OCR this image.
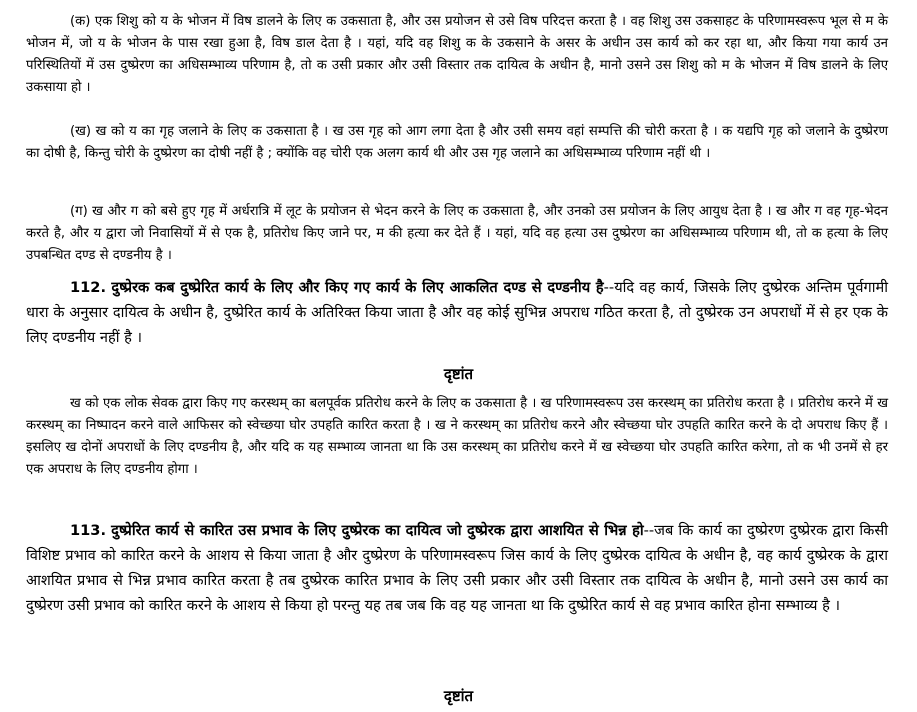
(क) एक शिशु को य के भोजन में विष डालने के लिए क उकसाता है, और उस प्रयोजन से उसे विष परिदत्त करता है । वह शिशु उस उकसाहट के परिणामस्वरूप भूल से म के भोजन में, जो य के भोजन के पास रखा हुआ है, विष डाल देता है । यहां, यदि वह शिशु क के उकसाने के असर के अधीन उस कार्य को कर रहा था, और किया गया कार्य उन परिस्थितियों में उस दुष्प्रेरण का अधिसम्भाव्य परिणाम है, तो क उसी प्रकार और उसी विस्तार तक दायित्व के अधीन है, मानो उसने उस शिशु को म के भोजन में विष डालने के लिए उकसाया हो ।

(ख) ख को य का गृह जलाने के लिए क उकसाता है । ख उस गृह को आग लगा देता है और उसी समय वहां सम्पत्ति की चोरी करता है । क यद्यपि गृह को जलाने के दुष्प्रेरण का दोषी है, किन्तु चोरी के दुष्प्रेरण का दोषी नहीं है ; क्योंकि वह चोरी एक अलग कार्य थी और उस गृह जलाने का अधिसम्भाव्य परिणाम नहीं थी ।

(ग) ख और ग को बसे हुए गृह में अर्धरात्रि में लूट के प्रयोजन से भेदन करने के लिए क उकसाता है, और उनको उस प्रयोजन के लिए आयुध देता है । ख और ग वह गृह-भेदन करते है, और य द्वारा जो निवासियों में से एक है, प्रतिरोध किए जाने पर, म की हत्या कर देते हैं । यहां, यदि वह हत्या उस दुष्प्रेरण का अधिसम्भाव्य परिणाम थी, तो क हत्या के लिए उपबन्धित दण्ड से दण्डनीय है ।

112. दुष्प्रेरक कब दुष्प्रेरित कार्य के लिए और किए गए कार्य के लिए आकलित दण्ड से दण्डनीय है--यदि वह कार्य, जिसके लिए दुष्प्रेरक अन्तिम पूर्वगामी धारा के अनुसार दायित्व के अधीन है, दुष्प्रेरित कार्य के अतिरिक्त किया जाता है और वह कोई सुभिन्न अपराध गठित करता है, तो दुष्प्रेरक उन अपराधों में से हर एक के लिए दण्डनीय नहीं है ।

दृष्टांत

ख को एक लोक सेवक द्वारा किए गए करस्थम् का बलपूर्वक प्रतिरोध करने के लिए क उकसाता है । ख परिणामस्वरूप उस करस्थम् का प्रतिरोध करता है । प्रतिरोध करने में ख करस्थम् का निष्पादन करने वाले आफिसर को स्वेच्छया घोर उपहति कारित करता है । ख ने करस्थम् का प्रतिरोध करने और स्वेच्छया घोर उपहति कारित करने के दो अपराध किए हैं । इसलिए ख दोनों अपराधों के लिए दण्डनीय है, और यदि क यह सम्भाव्य जानता था कि उस करस्थम् का प्रतिरोध करने में ख स्वेच्छया घोर उपहति कारित करेगा, तो क भी उनमें से हर एक अपराध के लिए दण्डनीय होगा ।

113. दुष्प्रेरित कार्य से कारित उस प्रभाव के लिए दुष्प्रेरक का दायित्व जो दुष्प्रेरक द्वारा आशयित से भिन्न हो--जब कि कार्य का दुष्प्रेरण दुष्प्रेरक द्वारा किसी विशिष्ट प्रभाव को कारित करने के आशय से किया जाता है और दुष्प्रेरण के परिणामस्वरूप जिस कार्य के लिए दुष्प्रेरक दायित्व के अधीन है, वह कार्य दुष्प्रेरक के द्वारा आशयित प्रभाव से भिन्न प्रभाव कारित करता है तब दुष्प्रेरक कारित प्रभाव के लिए उसी प्रकार और उसी विस्तार तक दायित्व के अधीन है, मानो उसने उस कार्य का दुष्प्रेरण उसी प्रभाव को कारित करने के आशय से किया हो परन्तु यह तब जब कि वह यह जानता था कि दुष्प्रेरित कार्य से वह प्रभाव कारित होना सम्भाव्य है ।

दृष्टांत
